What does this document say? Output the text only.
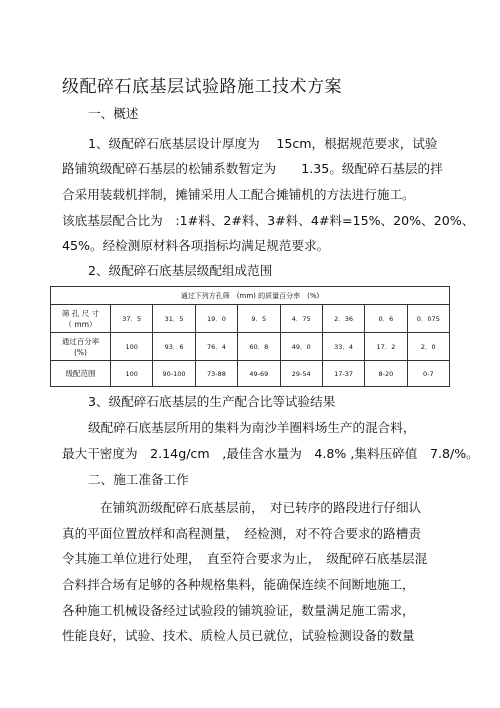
级配碎石底基层试验路施工技术方案
一、概述
1、级配碎石底基层设计厚度为　 15cm，根据规范要求，试验
路铺筑级配碎石基层的松铺系数暂定为　　1.35。级配碎石基层的拌
合采用装载机拌制，摊铺采用人工配合摊铺机的方法进行施工。
该底基层配合比为　:1#料、2#料、3#料、4#料=15%、20%、20%、
45%。经检测原材料各项指标均满足规范要求。
2、级配碎石底基层级配组成范围
通过下列方孔筛　(mm) 的质量百分率　(%)								

筛 孔 尺 寸
（ mm）	37．5	31．5	19．0	9．5	4．75	2．36	0．6	0．075

通过百分率
(%)	100	93．6	76．4	60．8	49．0	33．4	17．2	2．0
级配范围	100	90-100	73-88	49-69	29-54	17-37	8-20	0-7
3、级配碎石底基层的生产配合比等试验结果
级配碎石底基层所用的集料为南沙羊圈料场生产的混合料，
最大干密度为　2.14g/cm　,最佳含水量为　4.8% ,集料压碎值　7.8/%。
二、施工准备工作
在铺筑沥级配碎石底基层前，　对已转序的路段进行仔细认
真的平面位置放样和高程测量，　经检测，对不符合要求的路槽责
令其施工单位进行处理，　直至符合要求为止，　级配碎石底基层混
合料拌合场有足够的各种规格集料，能确保连续不间断地施工，
各种施工机械设备经过试验段的铺筑验证，数量满足施工需求，
性能良好，试验、技术、质检人员已就位，试验检测设备的数量
